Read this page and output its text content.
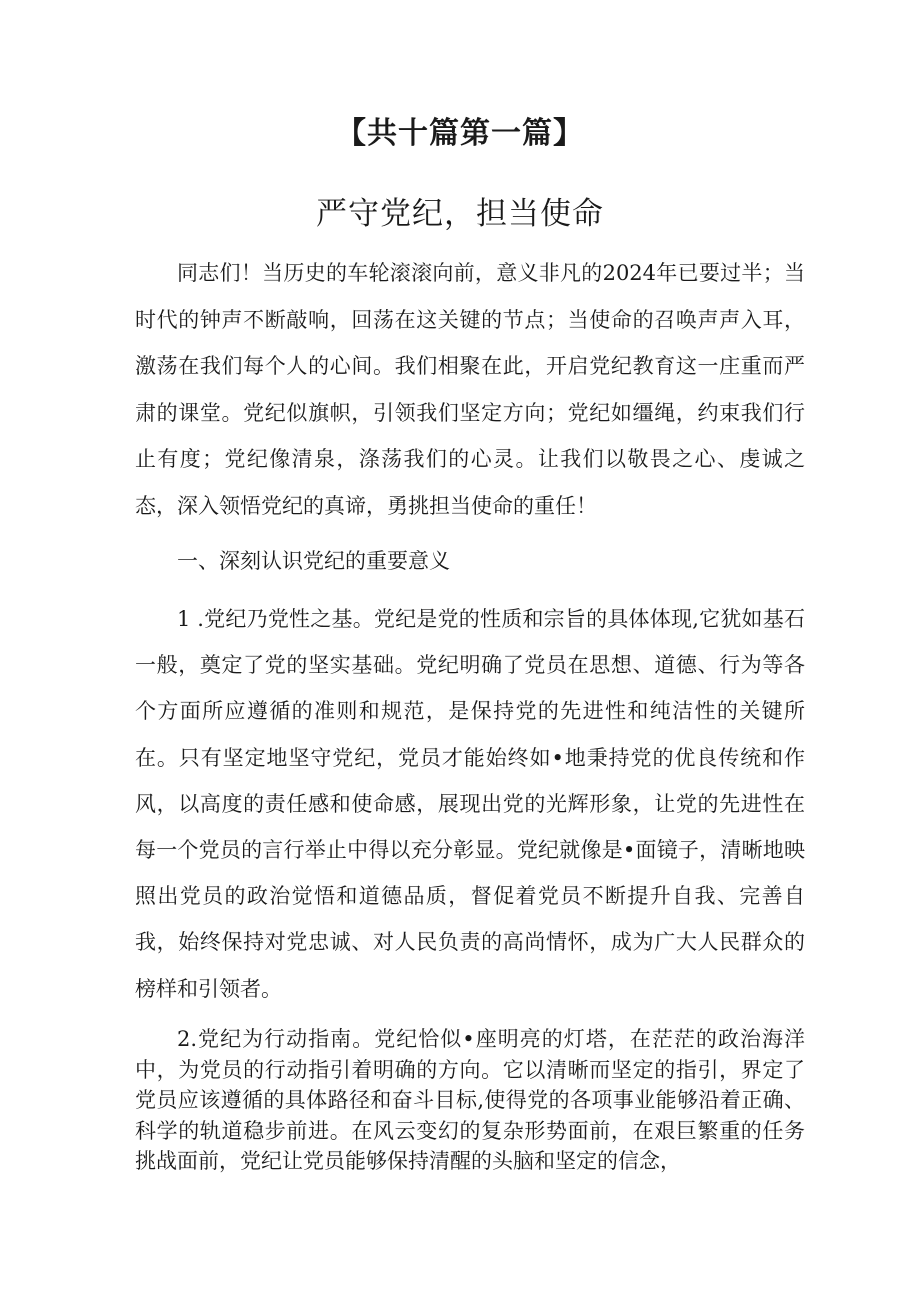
【共十篇第一篇】
严守党纪，担当使命

同志们！当历史的车轮滚滚向前，意义非凡的2024年已要过半；当时代的钟声不断敲响，回荡在这关键的节点；当使命的召唤声声入耳，激荡在我们每个人的心间。我们相聚在此，开启党纪教育这一庄重而严肃的课堂。党纪似旗帜，引领我们坚定方向；党纪如缰绳，约束我们行止有度；党纪像清泉，涤荡我们的心灵。让我们以敬畏之心、虔诚之态，深入领悟党纪的真谛，勇挑担当使命的重任！

一、深刻认识党纪的重要意义

1 .党纪乃党性之基。党纪是党的性质和宗旨的具体体现,它犹如基石一般，奠定了党的坚实基础。党纪明确了党员在思想、道德、行为等各个方面所应遵循的准则和规范，是保持党的先进性和纯洁性的关键所在。只有坚定地坚守党纪，党员才能始终如•地秉持党的优良传统和作风，以高度的责任感和使命感，展现出党的光辉形象，让党的先进性在每一个党员的言行举止中得以充分彰显。党纪就像是•面镜子，清晰地映照出党员的政治觉悟和道德品质，督促着党员不断提升自我、完善自我，始终保持对党忠诚、对人民负责的高尚情怀，成为广大人民群众的榜样和引领者。

2.党纪为行动指南。党纪恰似•座明亮的灯塔，在茫茫的政治海洋中，为党员的行动指引着明确的方向。它以清晰而坚定的指引，界定了党员应该遵循的具体路径和奋斗目标,使得党的各项事业能够沿着正确、科学的轨道稳步前进。在风云变幻的复杂形势面前，在艰巨繁重的任务挑战面前，党纪让党员能够保持清醒的头脑和坚定的信念，
